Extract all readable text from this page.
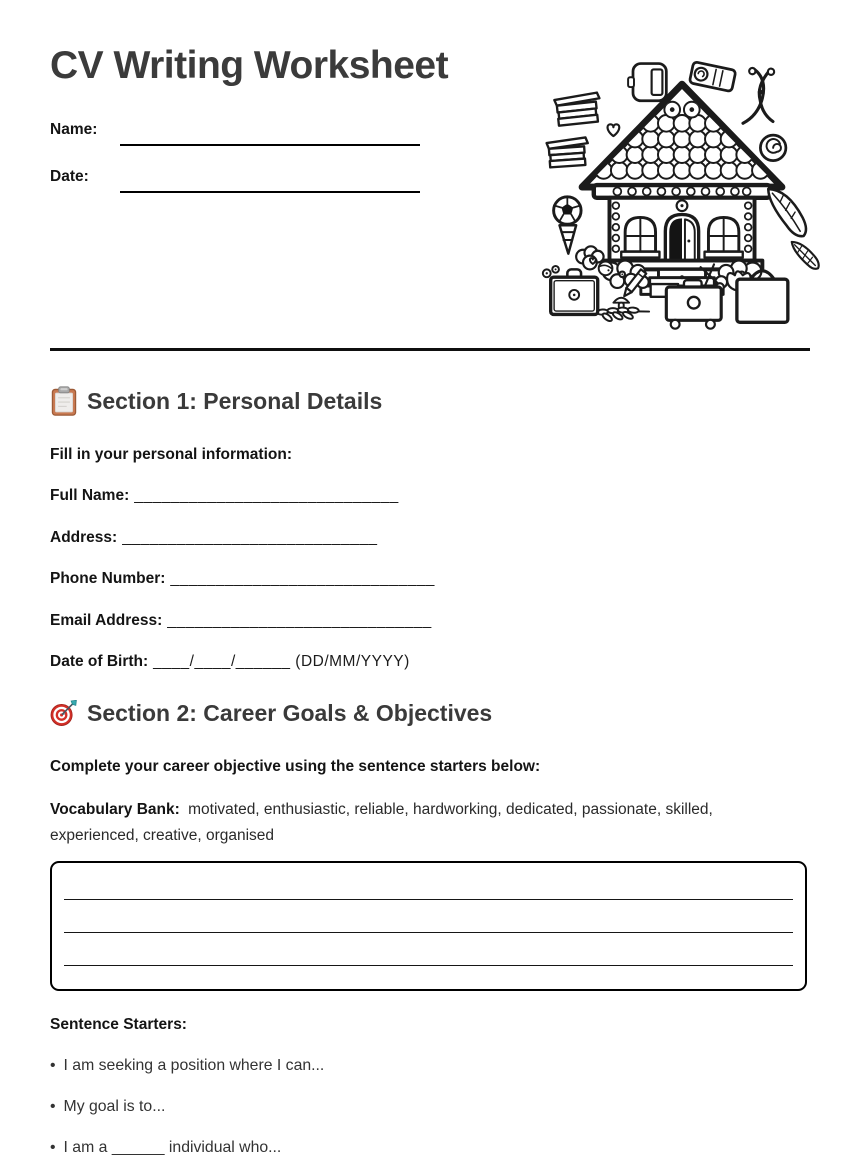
CV Writing Worksheet
Name:
Date:
Section 1: Personal Details
Fill in your personal information:
Full Name: _____________________________
Address: ____________________________
Phone Number: _____________________________
Email Address: _____________________________
Date of Birth: ____/____/______ (DD/MM/YYYY)
Section 2: Career Goals & Objectives
Complete your career objective using the sentence starters below:
Vocabulary Bank: motivated, enthusiastic, reliable, hardworking, dedicated, passionate, skilled, experienced, creative, organised
Sentence Starters:
• I am seeking a position where I can...
• My goal is to...
• I am a ______ individual who...
